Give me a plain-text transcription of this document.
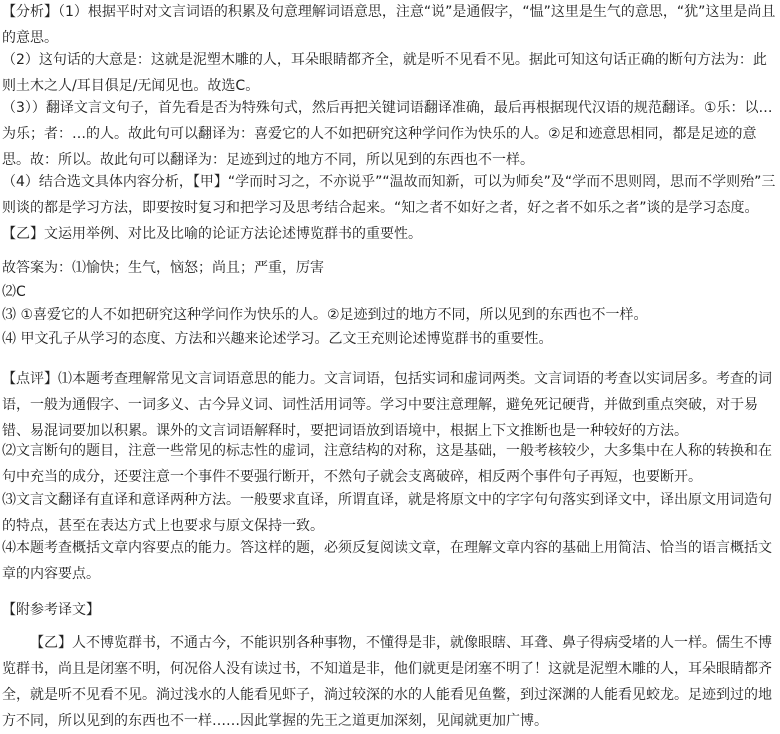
【分析】（1）根据平时对文言词语的积累及句意理解词语意思，注意“说”是通假字，“愠”这里是生气的意思，“犹”这里是尚且的意思。
（2）这句话的大意是：这就是泥塑木雕的人，耳朵眼睛都齐全，就是听不见看不见。据此可知这句话正确的断句方法为：此则土木之人/耳目俱足/无闻见也。故选C。
（3））翻译文言文句子，首先看是否为特殊句式，然后再把关键词语翻译准确，最后再根据现代汉语的规范翻译。①乐：以…为乐；者：…的人。故此句可以翻译为：喜爱它的人不如把研究这种学问作为快乐的人。②足和迹意思相同，都是足迹的意思。故：所以。故此句可以翻译为：足迹到过的地方不同，所以见到的东西也不一样。
（4）结合选文具体内容分析，【甲】“学而时习之，不亦说乎”“温故而知新，可以为师矣”及“学而不思则罔，思而不学则殆”三则谈的都是学习方法，即要按时复习和把学习及思考结合起来。“知之者不如好之者，好之者不如乐之者”谈的是学习态度。【乙】文运用举例、对比及比喻的论证方法论述博览群书的重要性。
故答案为：⑴愉快；生气，恼怒；尚且；严重，厉害
⑵C
⑶ ①喜爱它的人不如把研究这种学问作为快乐的人。②足迹到过的地方不同，所以见到的东西也不一样。
⑷ 甲文孔子从学习的态度、方法和兴趣来论述学习。乙文王充则论述博览群书的重要性。
【点评】⑴本题考查理解常见文言词语意思的能力。文言词语，包括实词和虚词两类。文言词语的考查以实词居多。考查的词语，一般为通假字、一词多义、古今异义词、词性活用词等。学习中要注意理解，避免死记硬背，并做到重点突破，对于易错、易混词要加以积累。课外的文言词语解释时，要把词语放到语境中，根据上下文推断也是一种较好的方法。
⑵文言断句的题目，注意一些常见的标志性的虚词，注意结构的对称，这是基础，一般考核较少，大多集中在人称的转换和在句中充当的成分，还要注意一个事件不要强行断开，不然句子就会支离破碎，相反两个事件句子再短，也要断开。
⑶文言文翻译有直译和意译两种方法。一般要求直译，所谓直译，就是将原文中的字字句句落实到译文中，译出原文用词造句的特点，甚至在表达方式上也要求与原文保持一致。
⑷本题考查概括文章内容要点的能力。答这样的题，必须反复阅读文章，在理解文章内容的基础上用简洁、恰当的语言概括文章的内容要点。
【附参考译文】
【乙】人不博览群书，不通古今，不能识别各种事物，不懂得是非，就像眼瞎、耳聋、鼻子得病受堵的人一样。儒生不博览群书，尚且是闭塞不明，何况俗人没有读过书，不知道是非，他们就更是闭塞不明了！这就是泥塑木雕的人，耳朵眼睛都齐全，就是听不见看不见。淌过浅水的人能看见虾子，淌过较深的水的人能看见鱼鳖，到过深渊的人能看见蛟龙。足迹到过的地方不同，所以见到的东西也不一样……因此掌握的先王之道更加深刻，见闻就更加广博。
